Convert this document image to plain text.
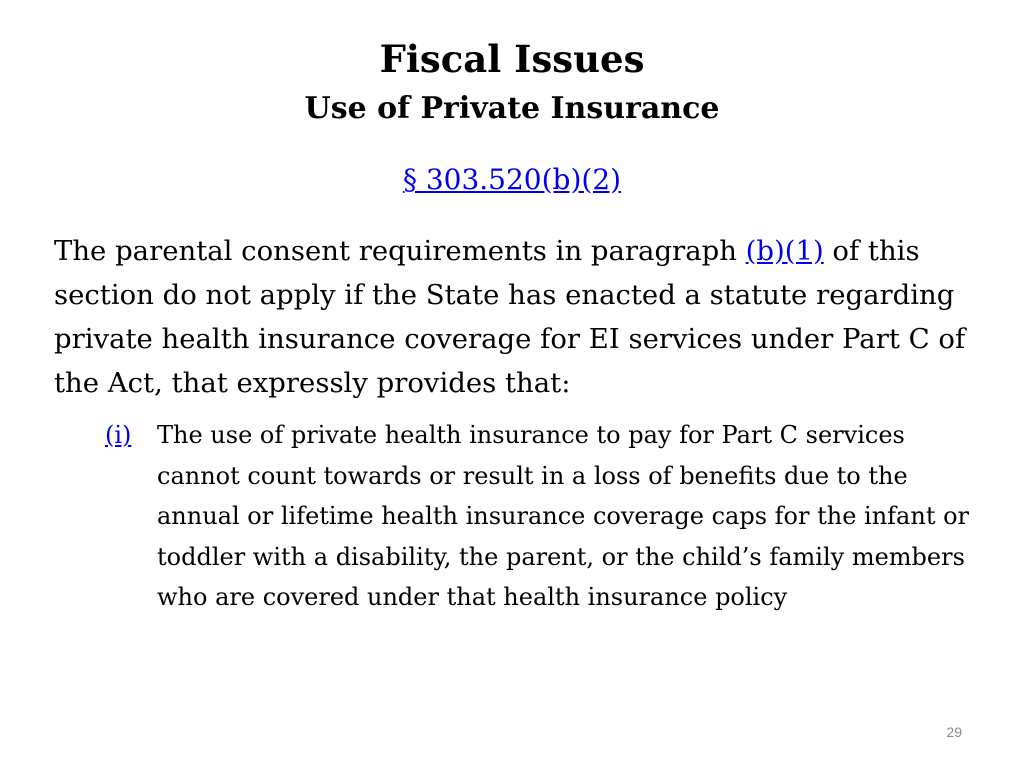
Fiscal Issues
Use of Private Insurance
§ 303.520(b)(2)
The parental consent requirements in paragraph (b)(1) of this section do not apply if the State has enacted a statute regarding private health insurance coverage for EI services under Part C of the Act, that expressly provides that:
(i)	The use of private health insurance to pay for Part C services cannot count towards or result in a loss of benefits due to the annual or lifetime health insurance coverage caps for the infant or toddler with a disability, the parent, or the child’s family members who are covered under that health insurance policy
29
